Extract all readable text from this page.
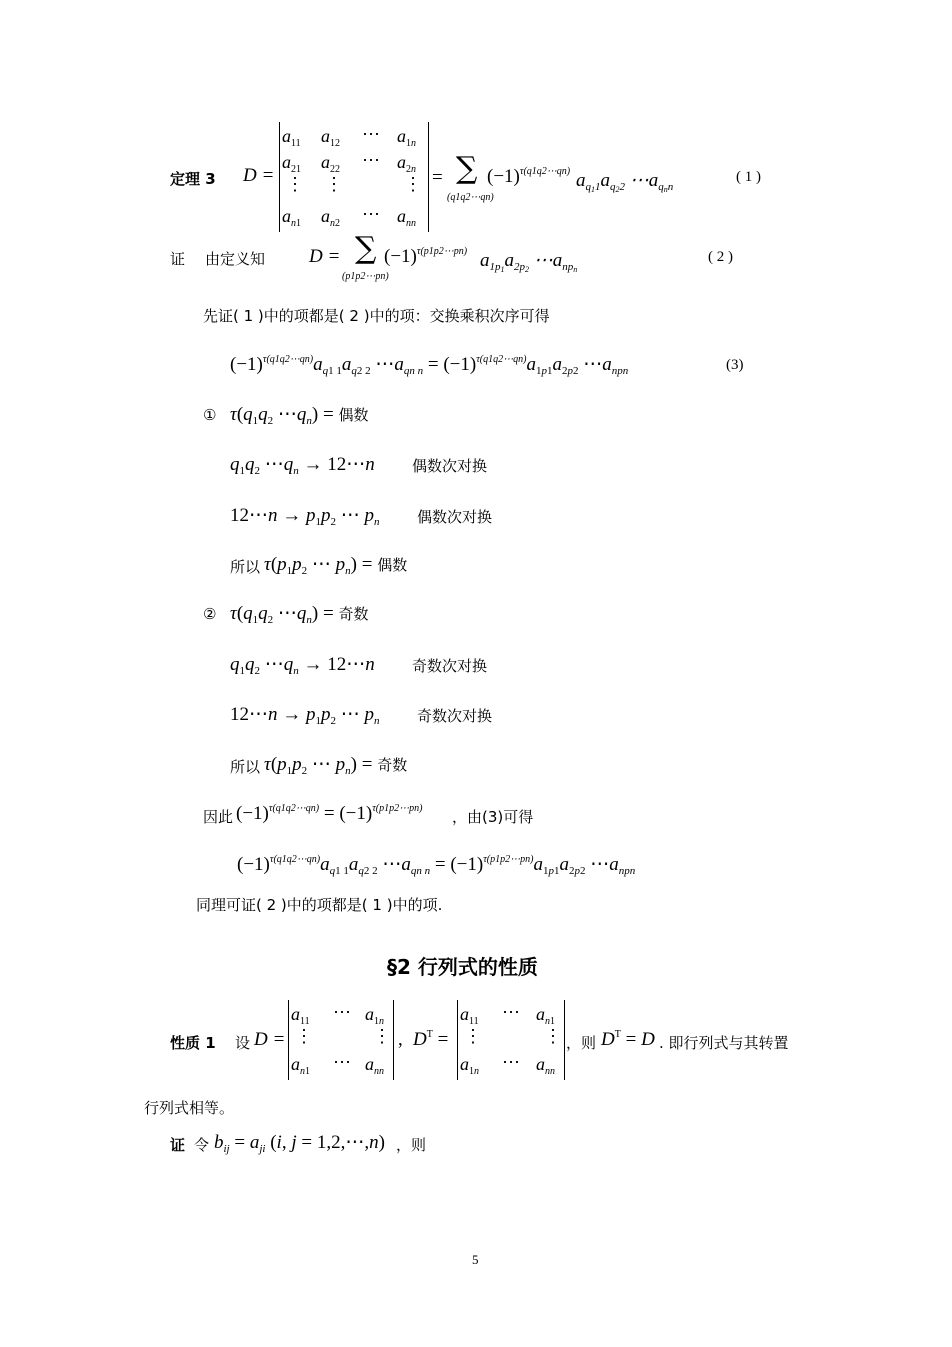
定理 3 D =
$a_{11}$ $a_{12}$ ⋯ $a_{1n}$
$a_{21}$ $a_{22}$ ⋯ $a_{2n}$
⋮ ⋮	⋮
$a_{n1}$ $a_{n2}$ ⋯ $a_{nn}$
= ∑
(q1q2⋯qn)
$(-1)^{\tau(q1q2\cdots qn)}$ $a_{q_11}a_{q_22}$ $\cdots a_{q_nn}$
( 1 )
证 由定义知 D = ∑
(p1p2⋯pn)
$(-1)^{\tau(p1p2\cdots pn)}$ $a_{1p_1}a_{2p_2}$ $\cdots a_{np_n}$
( 2 )
先证( 1 )中的项都是( 2 )中的项：交换乘积次序可得
$(-1)^{\tau(q1q2\cdots qn)}a_{q1 1}a_{q2 2}$ $\cdots a_{qn n} = (-1)^{\tau(q1q2\cdots qn)}a_{1p1}a_{2p2}$ $\cdots a_{npn}$	(3)
① $\tau(q_1q_2$ $\cdots q_n$) = 偶数
$q_1q_2$ $\cdots q_n$ → 12⋯n 偶数次对换
12⋯n → $p_1p_2$ ⋯ $p_n$	偶数次对换
所以 $\tau(p_1p_2$ ⋯ $p_n$) = 偶数
② $\tau(q_1q_2$ $\cdots q_n$) = 奇数
$q_1q_2$ $\cdots q_n$ → 12⋯n 奇数次对换
12⋯n → $p_1p_2$ ⋯ $p_n$	奇数次对换
所以 $\tau(p_1p_2$ ⋯ $p_n$) = 奇数
因此 $(-1)^{\tau(q1q2\cdots qn)} = (-1)^{\tau(p1p2\cdots pn)}$ ，由(3)可得
$(-1)^{\tau(q1q2\cdots qn)}a_{q1 1}a_{q2 2}$ $\cdots a_{qn n} = (-1)^{\tau(p1p2\cdots pn)}a_{1p1}a_{2p2}$ $\cdots a_{npn}$
同理可证( 2 )中的项都是( 1 )中的项.
§2 行列式的性质
性质 1 设 D =
$a_{11}$ ⋯ $a_{1n}$
⋮	⋮
$a_{n1}$ ⋯ $a_{nn}$
, $D^T$ =
$a_{11}$ ⋯ $a_{n1}$
⋮	⋮
$a_{1n}$ ⋯ $a_{nn}$
，则 $D^T = D$ . 即行列式与其转置
行列式相等。
证 令 $b_{ij} = a_{ji}$ (i, j = 1,2,⋯,n) ，则
5
